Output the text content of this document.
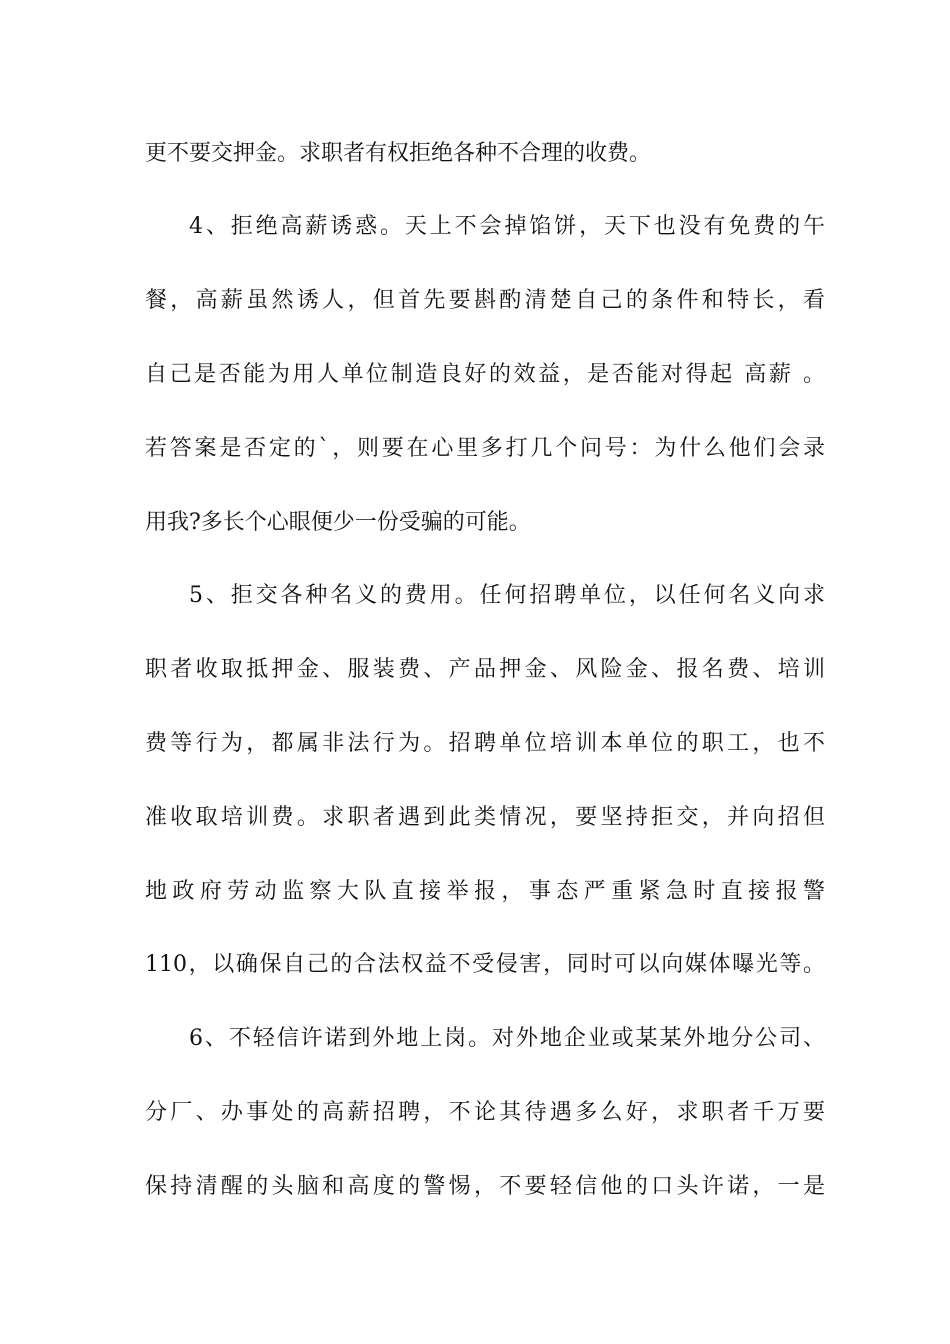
更不要交押金。求职者有权拒绝各种不合理的收费。
4、拒绝高薪诱惑。天上不会掉馅饼，天下也没有免费的午
餐，高薪虽然诱人，但首先要斟酌清楚自己的条件和特长，看
自己是否能为用人单位制造良好的效益，是否能对得起 高薪 。
若答案是否定的`，则要在心里多打几个问号：为什么他们会录
用我?多长个心眼便少一份受骗的可能。
5、拒交各种名义的费用。任何招聘单位，以任何名义向求
职者收取抵押金、服装费、产品押金、风险金、报名费、培训
费等行为，都属非法行为。招聘单位培训本单位的职工，也不
准收取培训费。求职者遇到此类情况，要坚持拒交，并向招但
地政府劳动监察大队直接举报，事态严重紧急时直接报警
110，以确保自己的合法权益不受侵害，同时可以向媒体曝光等。
6、不轻信许诺到外地上岗。对外地企业或某某外地分公司、
分厂、办事处的高薪招聘，不论其待遇多么好，求职者千万要
保持清醒的头脑和高度的警惕，不要轻信他的口头许诺，一是
